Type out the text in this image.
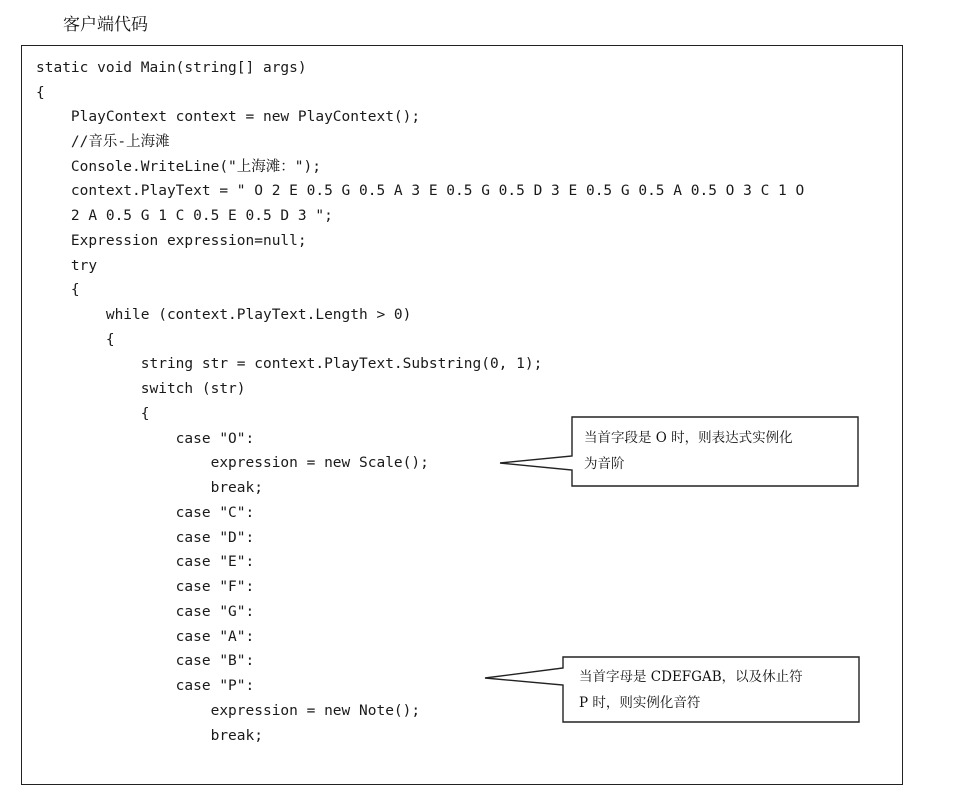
客户端代码
static void Main(string[] args)
{
PlayContext context = new PlayContext();
//音乐-上海滩
Console.WriteLine("上海滩：");
context.PlayText = " O 2 E 0.5 G 0.5 A 3 E 0.5 G 0.5 D 3 E 0.5 G 0.5 A 0.5 O 3 C 1 O
2 A 0.5 G 1 C 0.5 E 0.5 D 3 ";
Expression expression=null;
try
{
while (context.PlayText.Length > 0)
{
string str = context.PlayText.Substring(0, 1);
switch (str)
{
case "O":
expression = new Scale();
break;
case "C":
case "D":
case "E":
case "F":
case "G":
case "A":
case "B":
case "P":
expression = new Note();
break;
当首字段是 O 时，则表达式实例化
为音阶
当首字母是 CDEFGAB，以及休止符
P 时，则实例化音符
